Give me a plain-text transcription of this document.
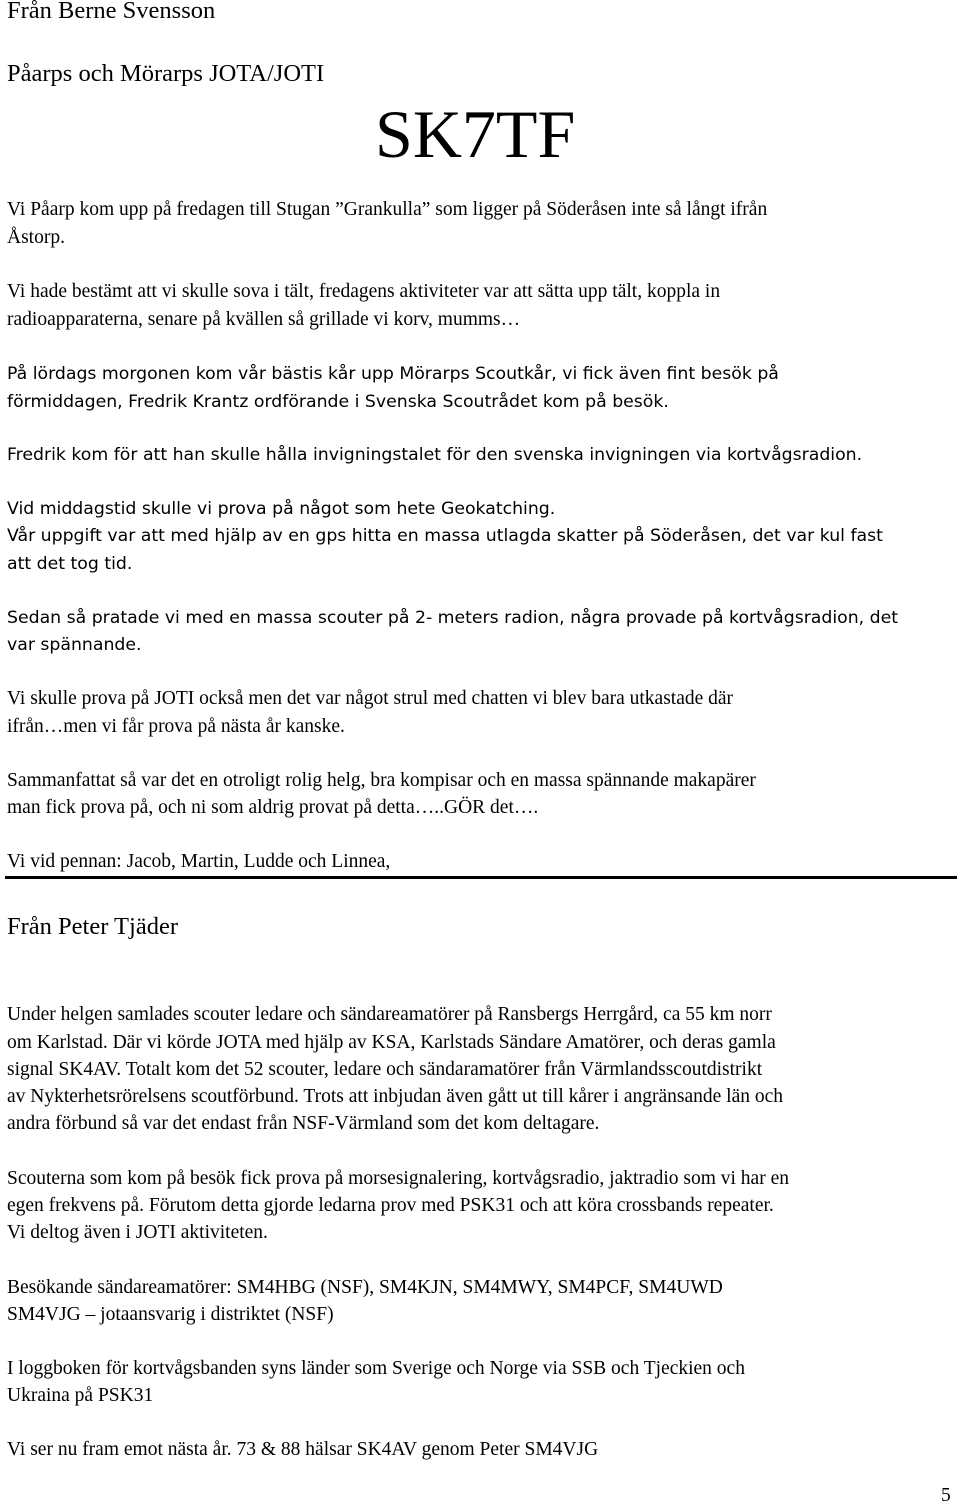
Från Berne Svensson

Påarps och Mörarps JOTA/JOTI

SK7TF

Vi Påarp kom upp på fredagen till Stugan ”Grankulla” som ligger på Söderåsen inte så långt ifrån

Åstorp.

Vi hade bestämt att vi skulle sova i tält, fredagens aktiviteter var att sätta upp tält, koppla in

radioapparaterna, senare på kvällen så grillade vi korv, mumms…

På lördags morgonen kom vår bästis kår upp Mörarps Scoutkår, vi fick även fint besök på

förmiddagen, Fredrik Krantz ordförande i Svenska Scoutrådet kom på besök.

Fredrik kom för att han skulle hålla invigningstalet för den svenska invigningen via kortvågsradion.

Vid middagstid skulle vi prova på något som hete Geokatching.

Vår uppgift var att med hjälp av en gps hitta en massa utlagda skatter på Söderåsen, det var kul fast

att det tog tid.

Sedan så pratade vi med en massa scouter på 2- meters radion, några provade på kortvågsradion, det

var spännande.

Vi skulle prova på JOTI också men det var något strul med chatten vi blev bara utkastade där

ifrån…men vi får prova på nästa år kanske.

Sammanfattat så var det en otroligt rolig helg, bra kompisar och en massa spännande makapärer

man fick prova på, och ni som aldrig provat på detta…..GÖR det….

Vi vid pennan: Jacob, Martin, Ludde och Linnea,

Från Peter Tjäder

Under helgen samlades scouter ledare och sändareamatörer på Ransbergs Herrgård, ca 55 km norr

om Karlstad. Där vi körde JOTA med hjälp av KSA, Karlstads Sändare Amatörer, och deras gamla

signal SK4AV. Totalt kom det 52 scouter, ledare och sändaramatörer från Värmlandsscoutdistrikt

av Nykterhetsrörelsens scoutförbund. Trots att inbjudan även gått ut till kårer i angränsande län och

andra förbund så var det endast från NSF-Värmland som det kom deltagare.

Scouterna som kom på besök fick prova på morsesignalering, kortvågsradio, jaktradio som vi har en

egen frekvens på. Förutom detta gjorde ledarna prov med PSK31 och att köra crossbands repeater.

Vi deltog även i JOTI aktiviteten.

Besökande sändareamatörer: SM4HBG (NSF), SM4KJN, SM4MWY, SM4PCF, SM4UWD

SM4VJG – jotaansvarig i distriktet (NSF)

I loggboken för kortvågsbanden syns länder som Sverige och Norge via SSB och Tjeckien och

Ukraina på PSK31

Vi ser nu fram emot nästa år. 73 & 88 hälsar SK4AV genom Peter SM4VJG

5
